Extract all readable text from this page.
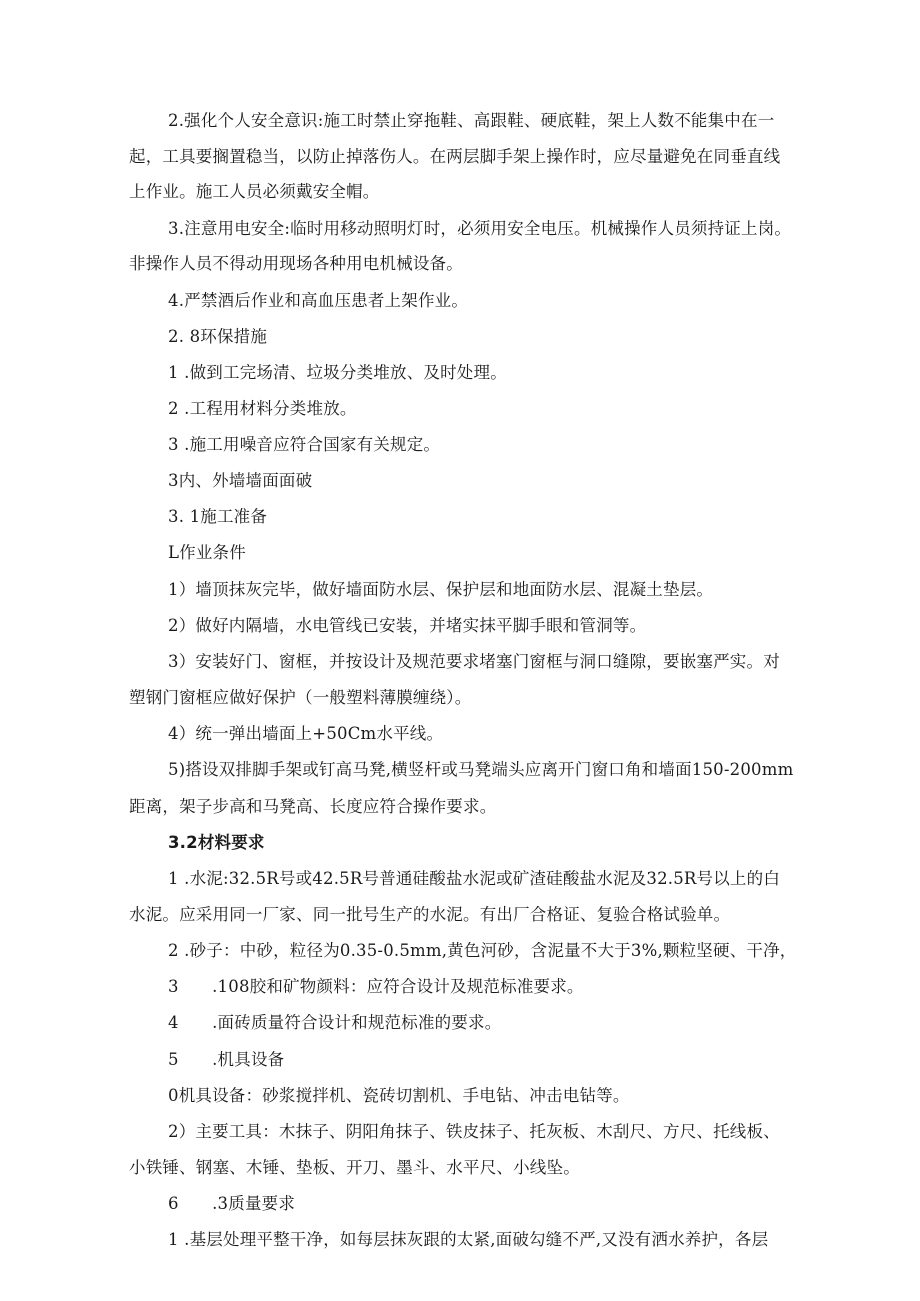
2.强化个人安全意识:施工时禁止穿拖鞋、高跟鞋、硬底鞋，架上人数不能集中在一
起，工具要搁置稳当，以防止掉落伤人。在两层脚手架上操作时，应尽量避免在同垂直线
上作业。施工人员必须戴安全帽。
3.注意用电安全:临时用移动照明灯时，必须用安全电压。机械操作人员须持证上岗。
非操作人员不得动用现场各种用电机械设备。
4.严禁酒后作业和高血压患者上架作业。
2. 8环保措施
1 .做到工完场清、垃圾分类堆放、及时处理。
2 .工程用材料分类堆放。
3 .施工用噪音应符合国家有关规定。
3内、外墙墙面面破
3. 1施工准备
L作业条件
1）墙顶抹灰完毕，做好墙面防水层、保护层和地面防水层、混凝土垫层。
2）做好内隔墙，水电管线已安装，并堵实抹平脚手眼和管洞等。
3）安装好门、窗框，并按设计及规范要求堵塞门窗框与洞口缝隙，要嵌塞严实。对
塑钢门窗框应做好保护（一般塑料薄膜缠绕）。
4）统一弹出墙面上+50Cm水平线。
5)搭设双排脚手架或钉高马凳,横竖杆或马凳端头应离开门窗口角和墙面150-200mm
距离，架子步高和马凳高、长度应符合操作要求。
3.2材料要求
1 .水泥:32.5R号或42.5R号普通硅酸盐水泥或矿渣硅酸盐水泥及32.5R号以上的白
水泥。应采用同一厂家、同一批号生产的水泥。有出厂合格证、复验合格试验单。
2 .砂子：中砂，粒径为0.35-0.5mm,黄色河砂，含泥量不大于3%,颗粒坚硬、干净，
3　　.108胶和矿物颜料：应符合设计及规范标准要求。
4　　.面砖质量符合设计和规范标准的要求。
5　　.机具设备
0机具设备：砂浆搅拌机、瓷砖切割机、手电钻、冲击电钻等。
2）主要工具：木抹子、阴阳角抹子、铁皮抹子、托灰板、木刮尺、方尺、托线板、
小铁锤、钢塞、木锤、垫板、开刀、墨斗、水平尺、小线坠。
6　　.3质量要求
1 .基层处理平整干净，如每层抹灰跟的太紧,面破勾缝不严,又没有洒水养护，各层
